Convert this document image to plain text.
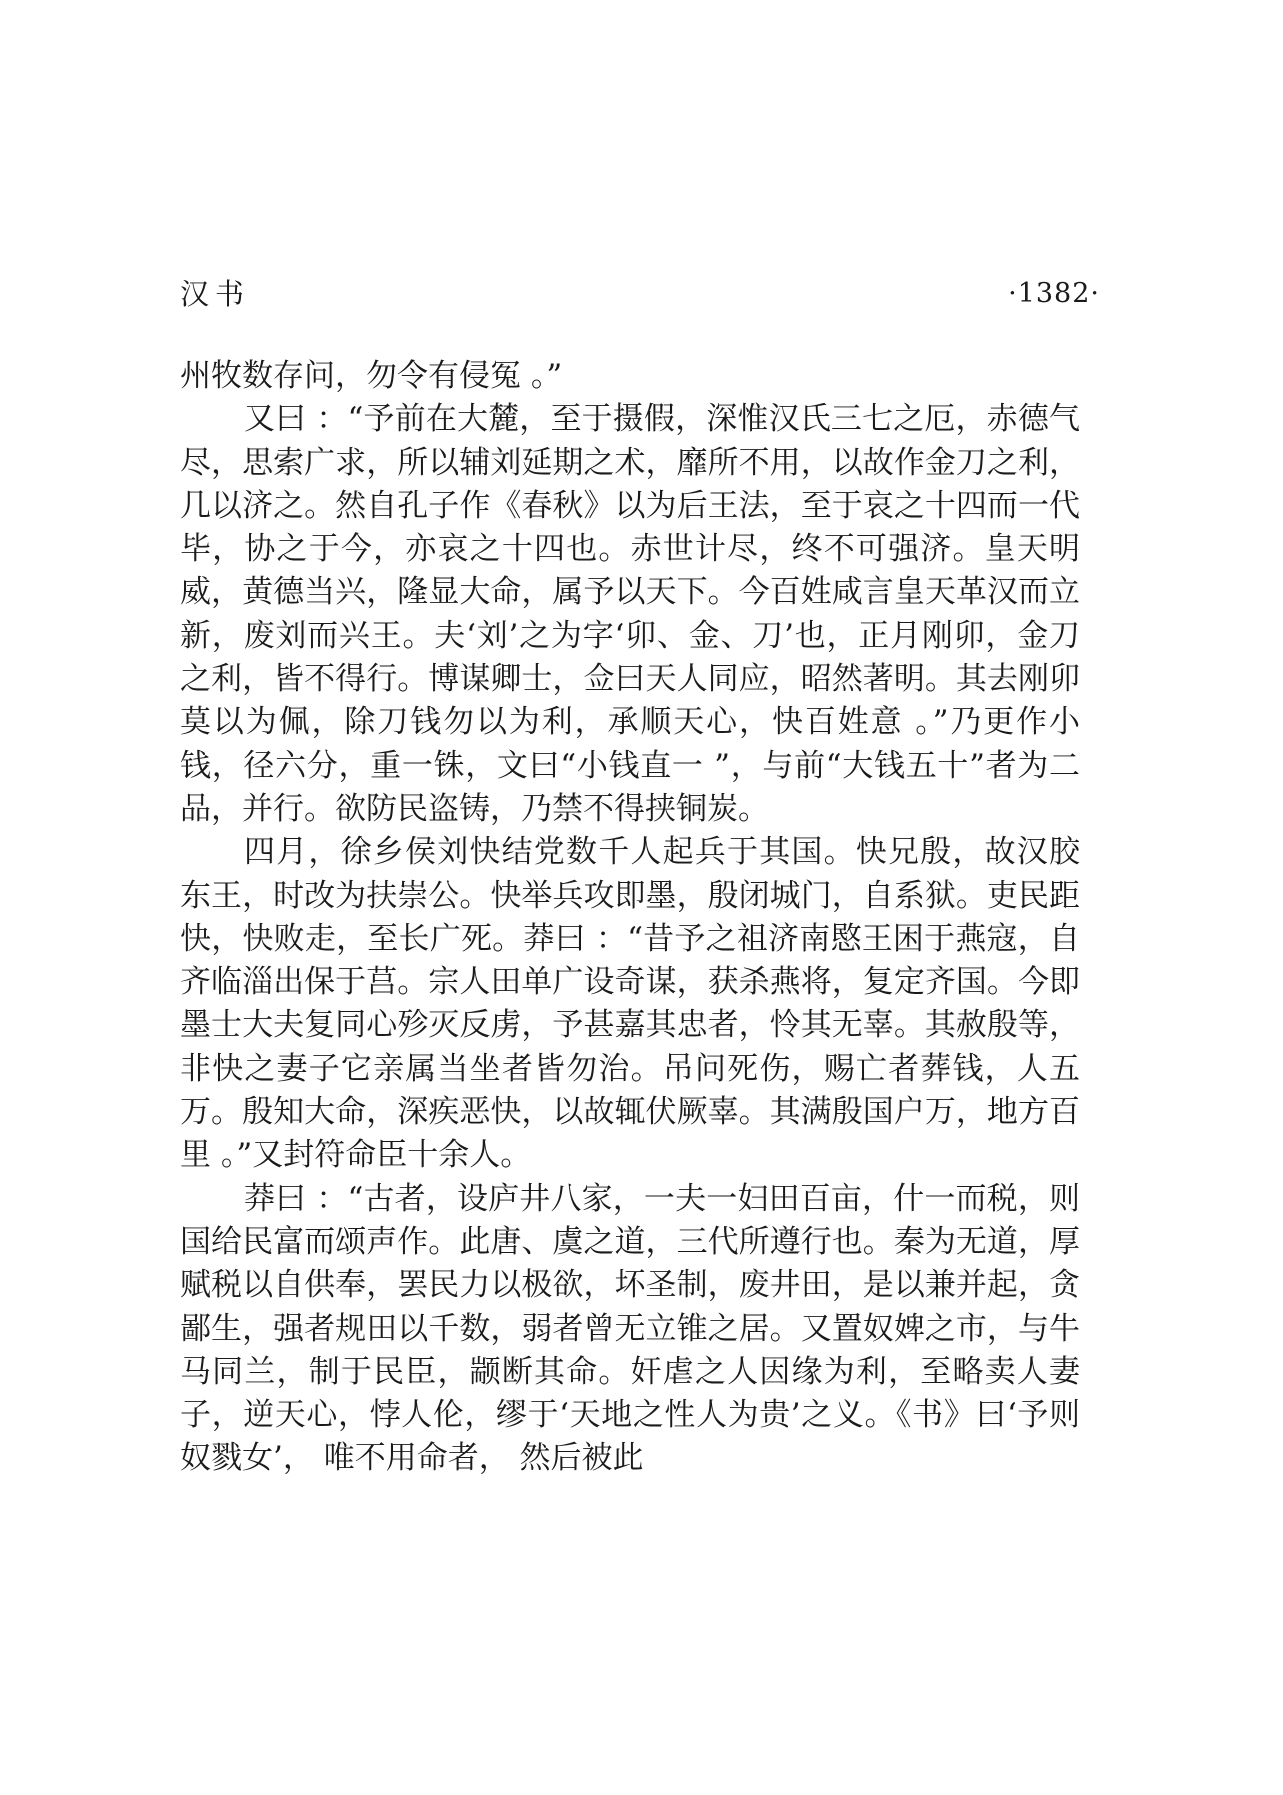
汉书	·1382·

州牧数存问，勿令有侵冤 。”

又曰 ：“予前在大麓，至于摄假，深惟汉氏三七之厄，赤德气尽，思索广求，所以辅刘延期之术，靡所不用，以故作金刀之利，几以济之。然自孔子作《春秋》以为后王法，至于哀之十四而一代毕，协之于今，亦哀之十四也。赤世计尽，终不可强济。皇天明威，黄德当兴，隆显大命，属予以天下。今百姓咸言皇天革汉而立新，废刘而兴王。夫‘刘’之为字‘卯、金、刀’也，正月刚卯，金刀之利，皆不得行。博谋卿士，佥曰天人同应，昭然著明。其去刚卯莫以为佩，除刀钱勿以为利，承顺天心，快百姓意 。”乃更作小钱，径六分，重一铢，文曰“小钱直一 ”，与前“大钱五十”者为二品，并行。欲防民盗铸，乃禁不得挟铜炭。

四月，徐乡侯刘快结党数千人起兵于其国。快兄殷，故汉胶东王，时改为扶崇公。快举兵攻即墨，殷闭城门，自系狱。吏民距快，快败走，至长广死。莽曰 ：“昔予之祖济南愍王困于燕寇，自齐临淄出保于莒。宗人田单广设奇谋，获杀燕将，复定齐国。今即墨士大夫复同心殄灭反虏，予甚嘉其忠者，怜其无辜。其赦殷等，非快之妻子它亲属当坐者皆勿治。吊问死伤，赐亡者葬钱，人五万。殷知大命，深疾恶快，以故辄伏厥辜。其满殷国户万，地方百里 。”又封符命臣十余人。

莽曰 ：“古者，设庐井八家，一夫一妇田百亩，什一而税，则国给民富而颂声作。此唐、虞之道，三代所遵行也。秦为无道，厚赋税以自供奉，罢民力以极欲，坏圣制，废井田，是以兼并起，贪鄙生，强者规田以千数，弱者曾无立锥之居。又置奴婢之市，与牛马同兰，制于民臣，颛断其命。奸虐之人因缘为利，至略卖人妻子，逆天心，悖人伦，缪于‘天地之性人为贵’之义。《书》曰‘予则奴戮女’， 唯不用命者， 然后被此
